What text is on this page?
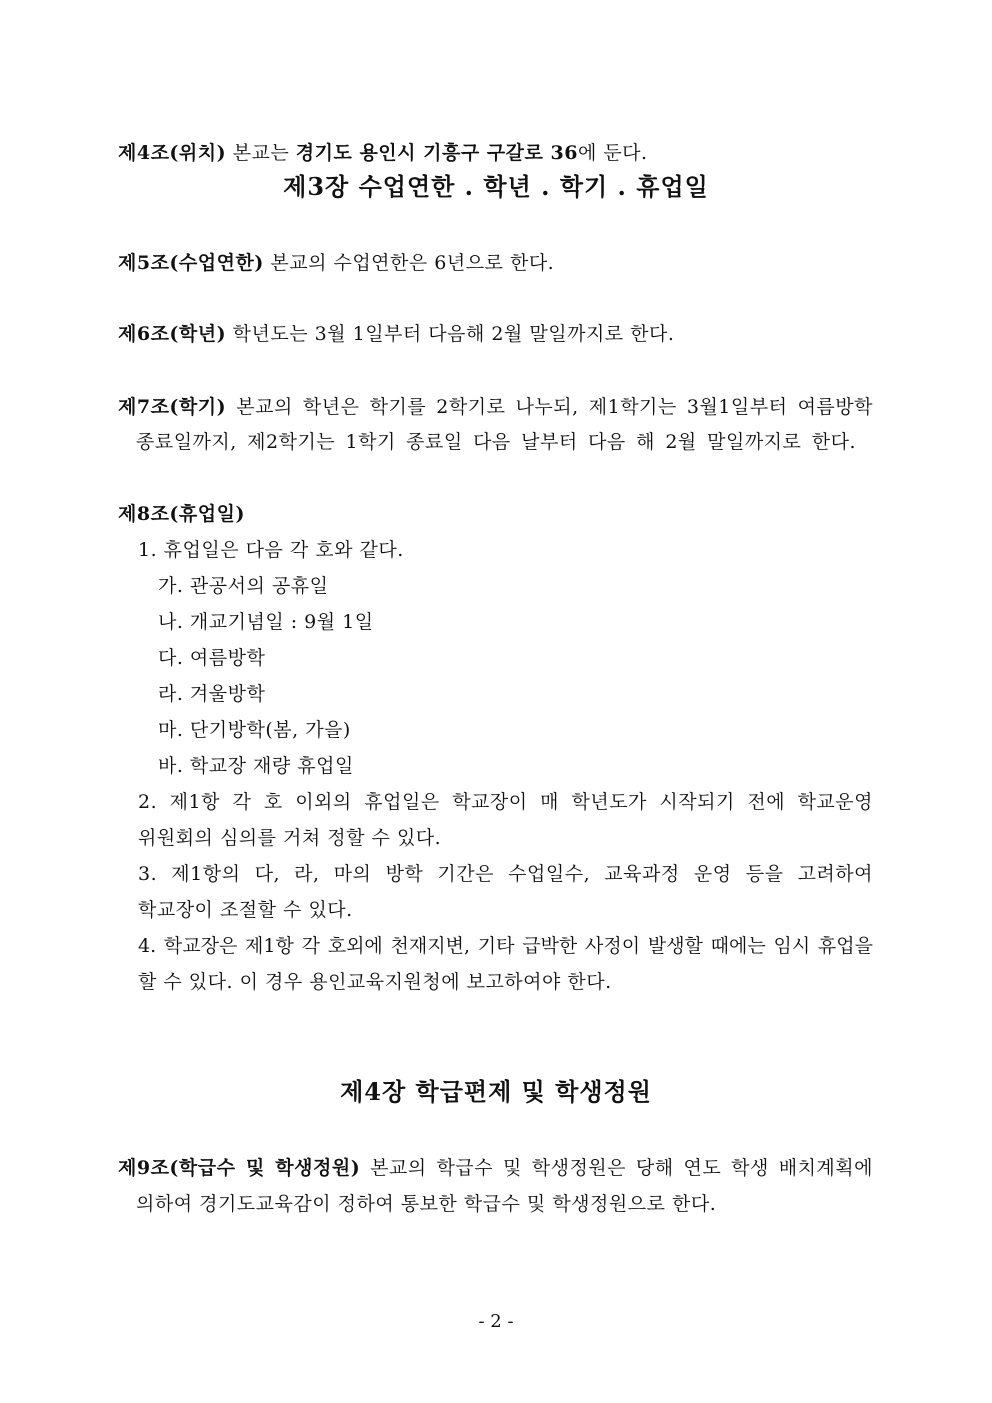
제4조(위치) 본교는 경기도 용인시 기흥구 구갈로 36에 둔다.
제3장 수업연한 . 학년 . 학기 . 휴업일
제5조(수업연한) 본교의 수업연한은 6년으로 한다.
제6조(학년) 학년도는 3월 1일부터 다음해 2월 말일까지로 한다.
제7조(학기) 본교의 학년은 학기를 2학기로 나누되, 제1학기는 3월1일부터 여름방학
종료일까지, 제2학기는 1학기 종료일 다음 날부터 다음 해 2월 말일까지로 한다.
제8조(휴업일)
1. 휴업일은 다음 각 호와 같다.
가. 관공서의 공휴일
나. 개교기념일 : 9월 1일
다. 여름방학
라. 겨울방학
마. 단기방학(봄, 가을)
바. 학교장 재량 휴업일
2. 제1항 각 호 이외의 휴업일은 학교장이 매 학년도가 시작되기 전에 학교운영
위원회의 심의를 거쳐 정할 수 있다.
3. 제1항의 다, 라, 마의 방학 기간은 수업일수, 교육과정 운영 등을 고려하여
학교장이 조절할 수 있다.
4. 학교장은 제1항 각 호외에 천재지변, 기타 급박한 사정이 발생할 때에는 임시 휴업을
할 수 있다. 이 경우 용인교육지원청에 보고하여야 한다.
제4장 학급편제 및 학생정원
제9조(학급수 및 학생정원) 본교의 학급수 및 학생정원은 당해 연도 학생 배치계획에
의하여 경기도교육감이 정하여 통보한 학급수 및 학생정원으로 한다.
- 2 -
